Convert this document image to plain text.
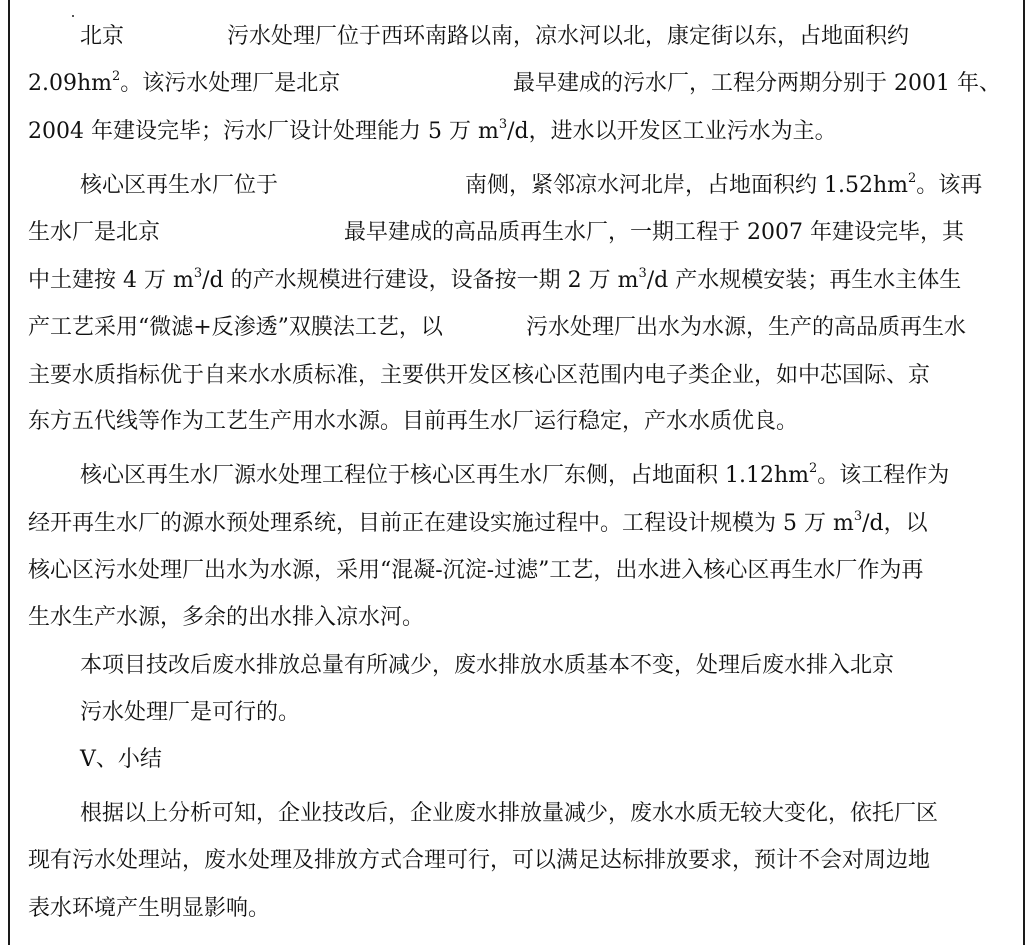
北京	污水处理厂位于西环南路以南，凉水河以北，康定街以东，占地面积约
$2.09hm^2$。该污水处理厂是北京	最早建成的污水厂，工程分两期分别于 2001 年、
2004 年建设完毕；污水厂设计处理能力 5 万 $m^3/d$，进水以开发区工业污水为主。
核心区再生水厂位于	南侧，紧邻凉水河北岸，占地面积约 $1.52hm^2$。该再
生水厂是北京	最早建成的高品质再生水厂，一期工程于 2007 年建设完毕，其
中土建按 4 万 $m^3/d$ 的产水规模进行建设，设备按一期 2 万 $m^3/d$ 产水规模安装；再生水主体生
产工艺采用“微滤+反渗透”双膜法工艺，以	污水处理厂出水为水源，生产的高品质再生水
主要水质指标优于自来水水质标准，主要供开发区核心区范围内电子类企业，如中芯国际、京
东方五代线等作为工艺生产用水水源。目前再生水厂运行稳定，产水水质优良。
核心区再生水厂源水处理工程位于核心区再生水厂东侧，占地面积 $1.12hm^2$。该工程作为
经开再生水厂的源水预处理系统，目前正在建设实施过程中。工程设计规模为 5 万 $m^3/d$，以
核心区污水处理厂出水为水源，采用“混凝-沉淀-过滤”工艺，出水进入核心区再生水厂作为再
生水生产水源，多余的出水排入凉水河。
本项目技改后废水排放总量有所减少，废水排放水质基本不变，处理后废水排入北京
污水处理厂是可行的。
V、小结
根据以上分析可知，企业技改后，企业废水排放量减少，废水水质无较大变化，依托厂区
现有污水处理站，废水处理及排放方式合理可行，可以满足达标排放要求，预计不会对周边地
表水环境产生明显影响。
